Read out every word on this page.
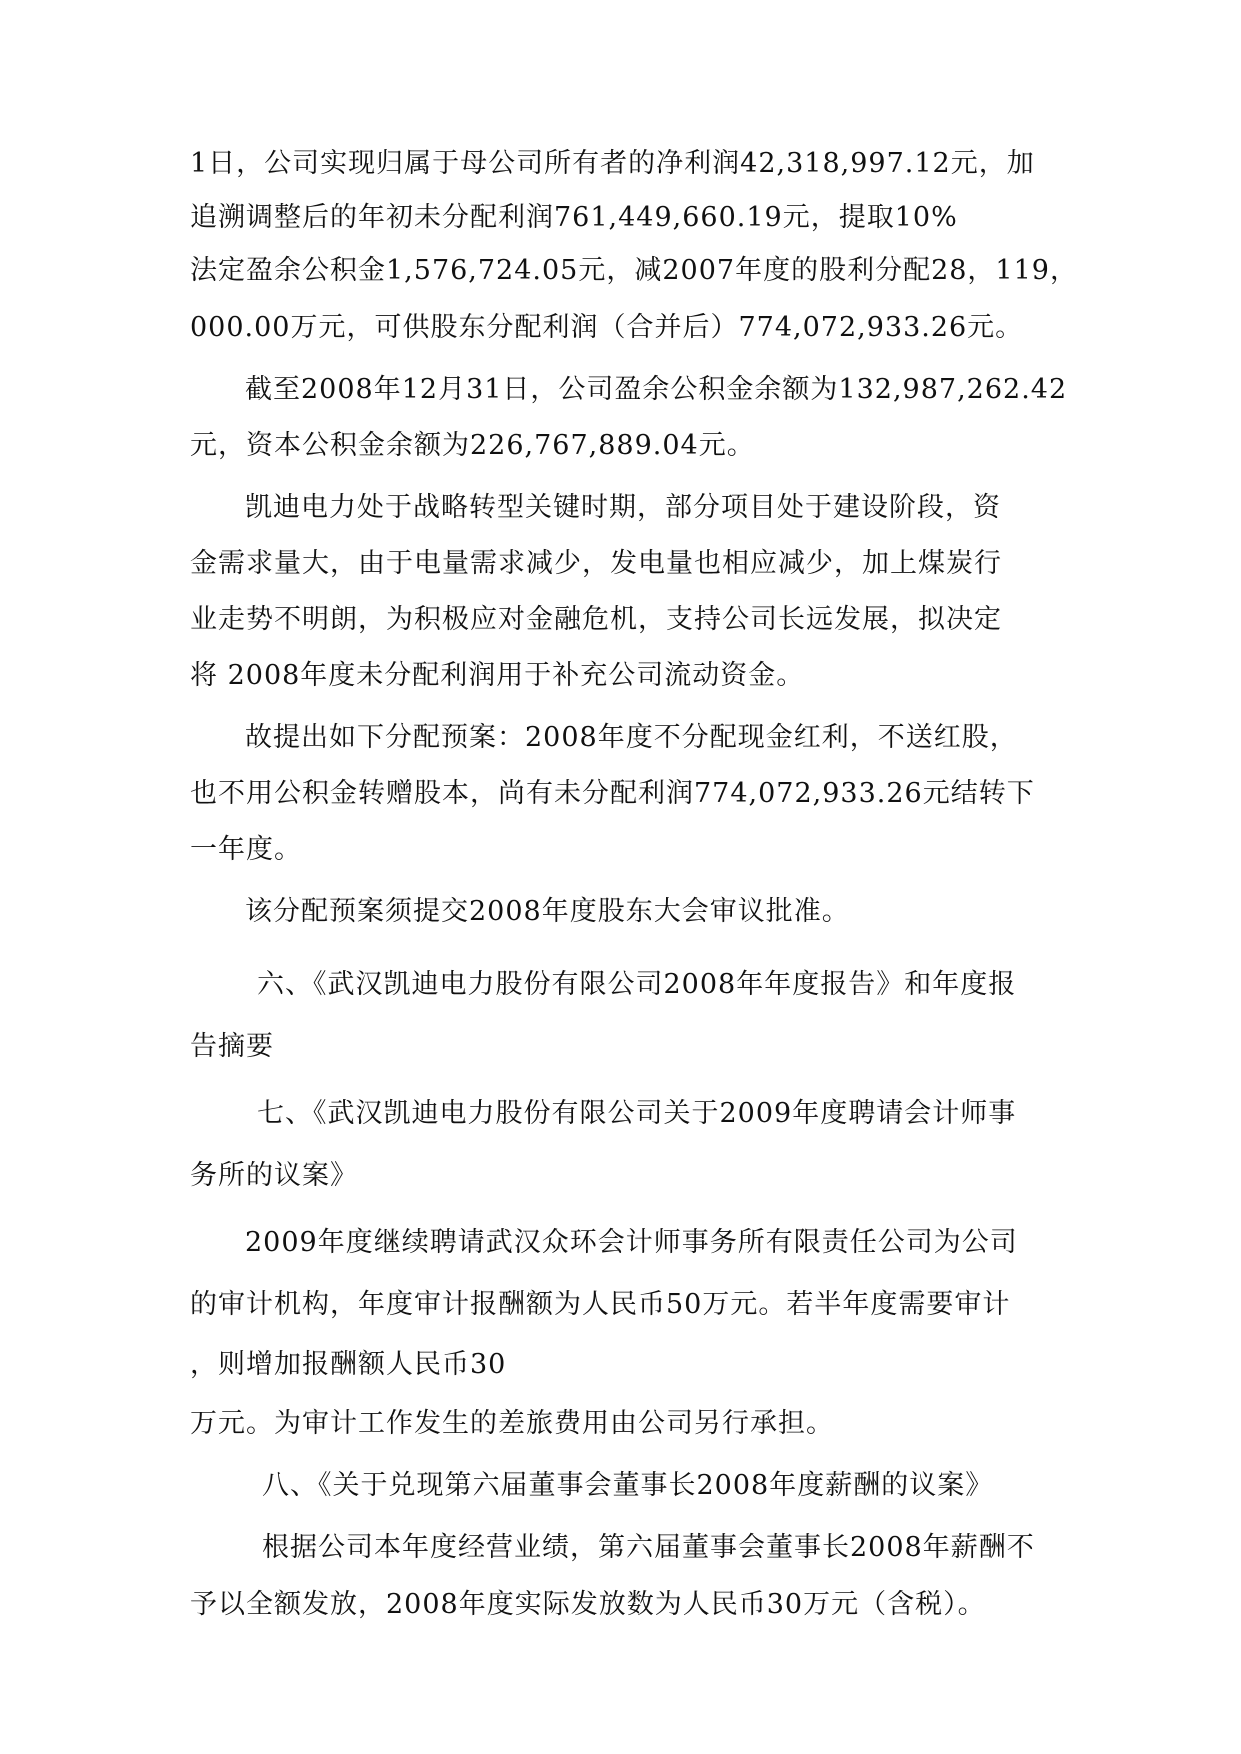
1日，公司实现归属于母公司所有者的净利润42,318,997.12元，加
追溯调整后的年初未分配利润761,449,660.19元，提取10%
法定盈余公积金1,576,724.05元，减2007年度的股利分配28，119，
000.00万元，可供股东分配利润（合并后）774,072,933.26元。
截至2008年12月31日，公司盈余公积金余额为132,987,262.42
元，资本公积金余额为226,767,889.04元。
凯迪电力处于战略转型关键时期，部分项目处于建设阶段，资
金需求量大，由于电量需求减少，发电量也相应减少，加上煤炭行
业走势不明朗，为积极应对金融危机，支持公司长远发展，拟决定
将 2008年度未分配利润用于补充公司流动资金。
故提出如下分配预案：2008年度不分配现金红利，不送红股，
也不用公积金转赠股本，尚有未分配利润774,072,933.26元结转下
一年度。
该分配预案须提交2008年度股东大会审议批准。
六、《武汉凯迪电力股份有限公司2008年年度报告》和年度报
告摘要
七、《武汉凯迪电力股份有限公司关于2009年度聘请会计师事
务所的议案》
2009年度继续聘请武汉众环会计师事务所有限责任公司为公司
的审计机构，年度审计报酬额为人民币50万元。若半年度需要审计
，则增加报酬额人民币30
万元。为审计工作发生的差旅费用由公司另行承担。
八、《关于兑现第六届董事会董事长2008年度薪酬的议案》
根据公司本年度经营业绩，第六届董事会董事长2008年薪酬不
予以全额发放，2008年度实际发放数为人民币30万元（含税）。
